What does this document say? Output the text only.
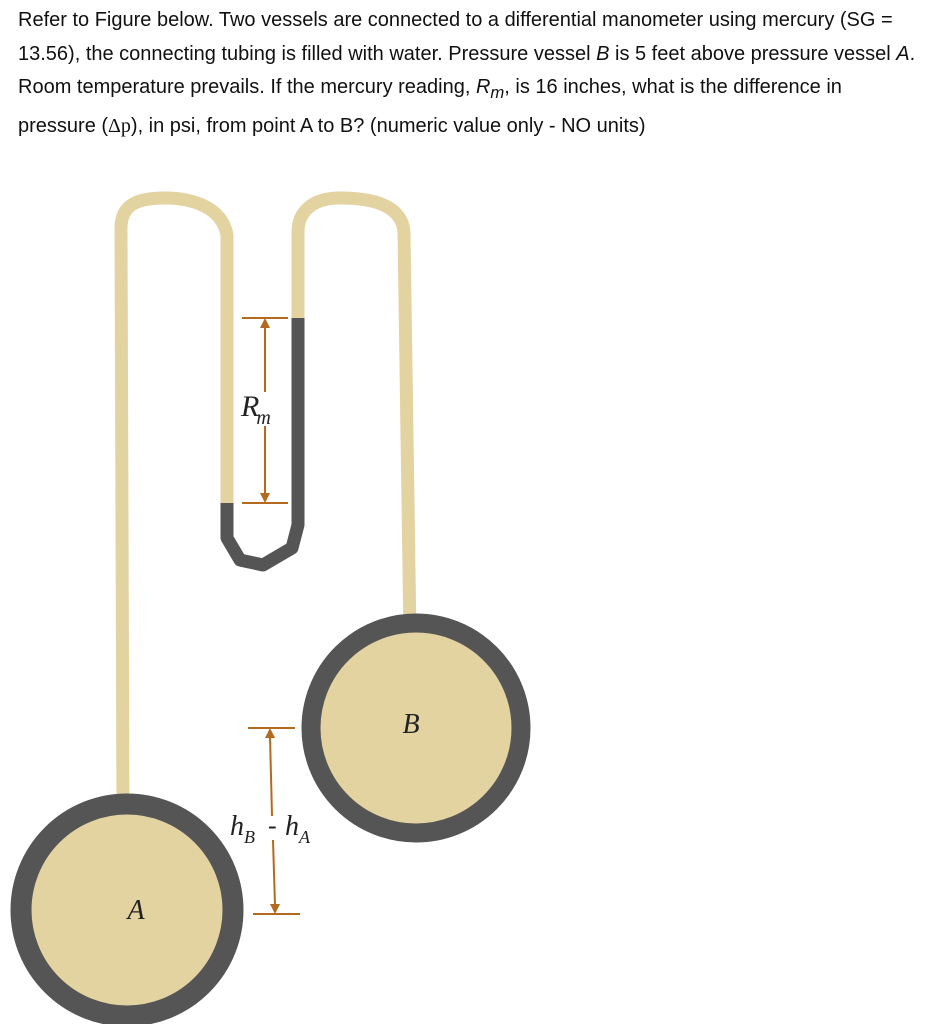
Refer to Figure below. Two vessels are connected to a differential manometer using mercury (SG = 13.56), the connecting tubing is filled with water. Pressure vessel B is 5 feet above pressure vessel A. Room temperature prevails. If the mercury reading, $R_m$, is 16 inches, what is the difference in pressure (Δp), in psi, from point A to B? (numeric value only - NO units)
B
A
Rm
$h_B - h_A$
